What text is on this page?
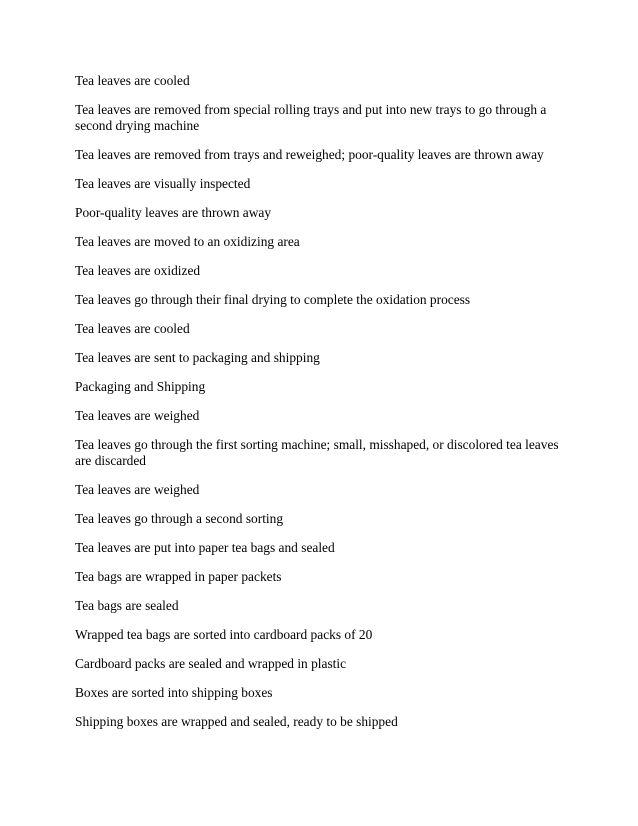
Tea leaves are cooled

Tea leaves are removed from special rolling trays and put into new trays to go through a second drying machine

Tea leaves are removed from trays and reweighed; poor-quality leaves are thrown away

Tea leaves are visually inspected

Poor-quality leaves are thrown away

Tea leaves are moved to an oxidizing area

Tea leaves are oxidized

Tea leaves go through their final drying to complete the oxidation process

Tea leaves are cooled

Tea leaves are sent to packaging and shipping

Packaging and Shipping

Tea leaves are weighed

Tea leaves go through the first sorting machine; small, misshaped, or discolored tea leaves are discarded

Tea leaves are weighed

Tea leaves go through a second sorting

Tea leaves are put into paper tea bags and sealed

Tea bags are wrapped in paper packets

Tea bags are sealed

Wrapped tea bags are sorted into cardboard packs of 20

Cardboard packs are sealed and wrapped in plastic

Boxes are sorted into shipping boxes

Shipping boxes are wrapped and sealed, ready to be shipped
